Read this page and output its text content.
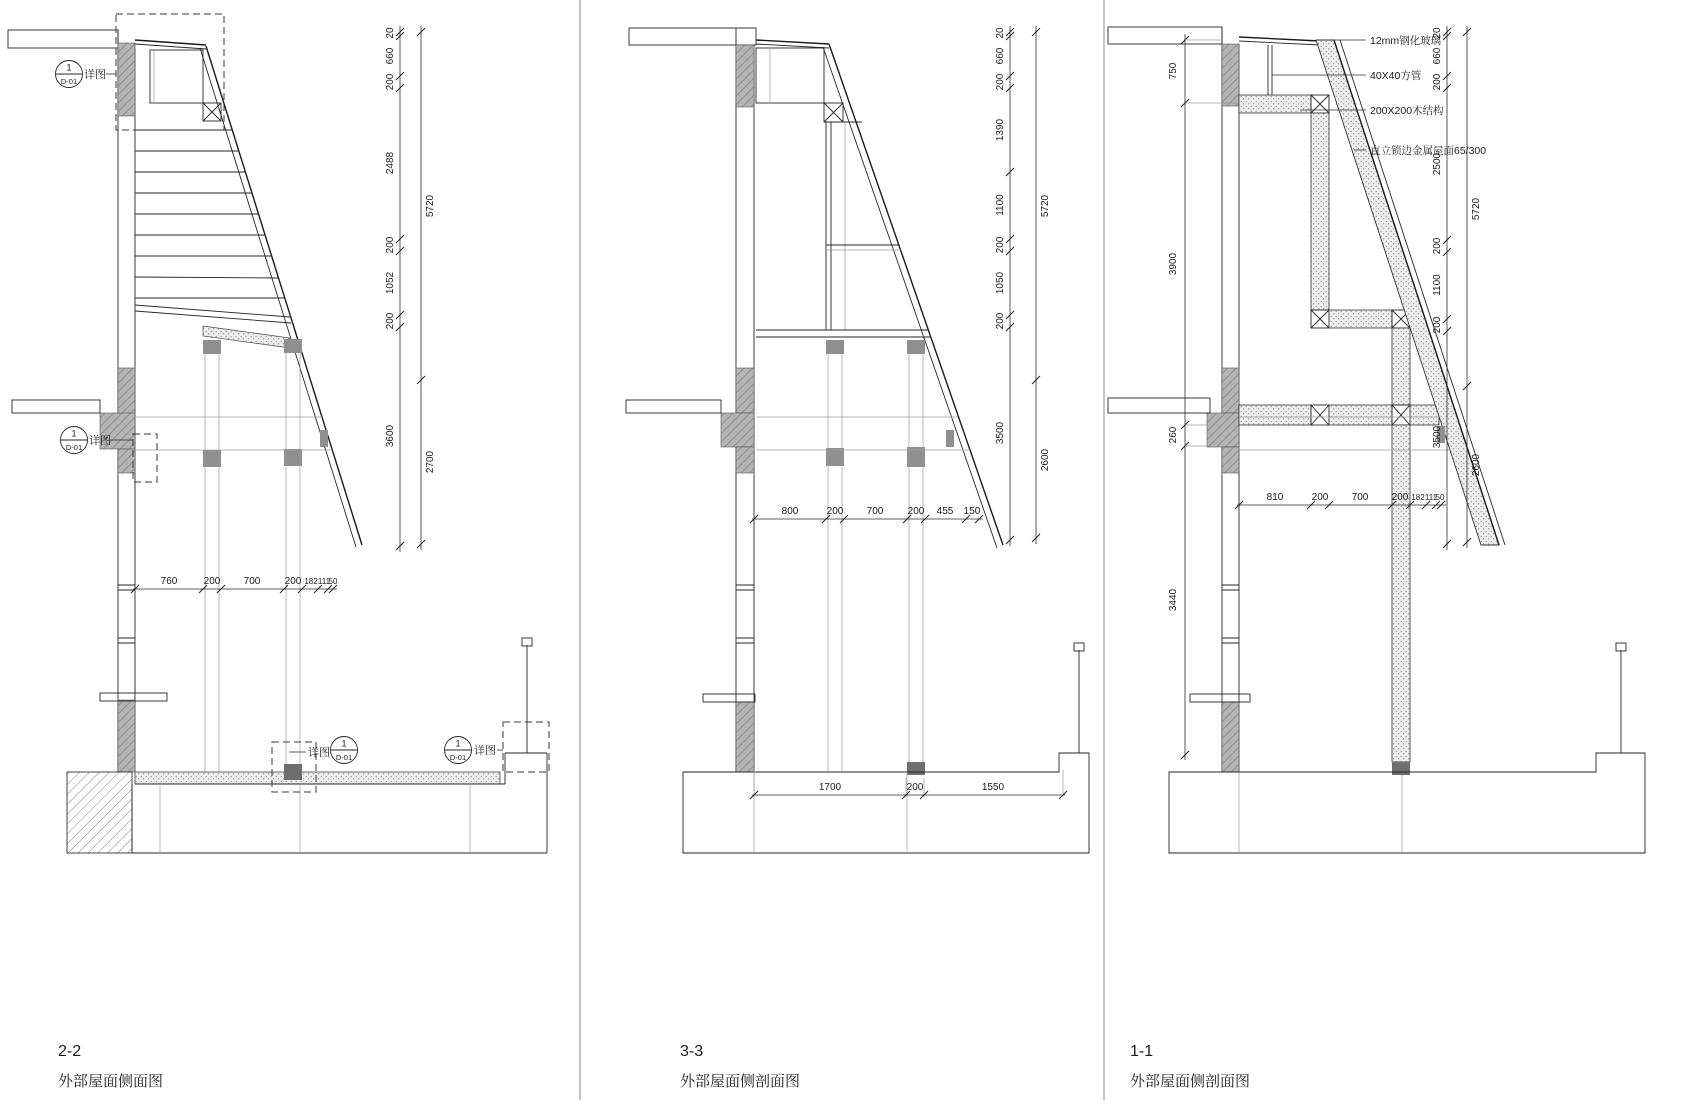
1
D-01
详图
1
D-01
详图
详图
1
D-01
1
D-01
详图
20
660
200
2488
200
1052
200
3600
5720
2700
760	200 700 200 182 111
50
2-2
外部屋面侧面图
20
660
200
1390
1100
200
1050
200
3500
5720
2600
800	200 700 200 455 150
1700	200	1550
3-3
外部屋面侧剖面图
12mm钢化玻璃
40X40方管
200X200木结构
直立锁边金属屋面65/300
750
3900
260
3440
20
660
200
2500
200
1100
200
3500
5720
2600
810	200 700 200 182 111
50
1-1
外部屋面侧剖面图
